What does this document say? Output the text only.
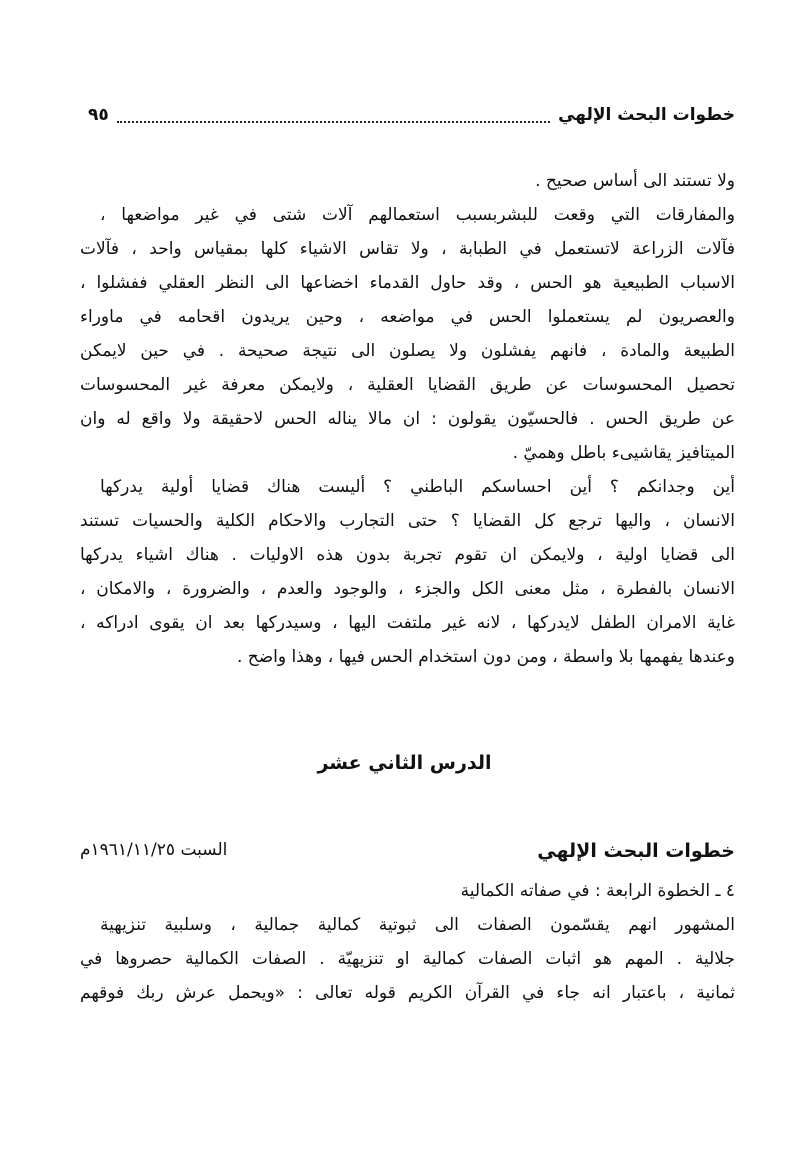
خطوات البحث الإلهي
٩٥
ولا تستند الى أساس صحيح .
والمفارقات التي وقعت للبشربسبب استعمالهم آلات شتى في غير مواضعها ،
فآلات الزراعة لاتستعمل في الطبابة ، ولا تقاس الاشياء كلها بمقياس واحد ، فآلات
الاسباب الطبيعية هو الحس ، وقد حاول القدماء اخضاعها الى النظر العقلي ففشلوا ،
والعصريون لم يستعملوا الحس في مواضعه ، وحين يريدون اقحامه في ماوراء
الطبيعة والمادة ، فانهم يفشلون ولا يصلون الى نتيجة صحيحة . في حين لايمكن
تحصيل المحسوسات عن طريق القضايا العقلية ، ولايمكن معرفة غير المحسوسات
عن طريق الحس . فالحسيّون يقولون : ان مالا يناله الحس لاحقيقة ولا واقع له وان
الميتافيز يقاشيىء باطل وهميّ .
أين وجدانكم ؟ أين احساسكم الباطني ؟ أليست هناك قضايا أولية يدركها
الانسان ، واليها ترجع كل القضايا ؟ حتى التجارب والاحكام الكلية والحسيات تستند
الى قضايا اولية ، ولايمكن ان تقوم تجربة بدون هذه الاوليات . هناك اشياء يدركها
الانسان بالفطرة ، مثل معنى الكل والجزء ، والوجود والعدم ، والضرورة ، والامكان ،
غاية الامران الطفل لايدركها ، لانه غير ملتفت اليها ، وسيدركها بعد ان يقوى ادراكه ،
وعندها يفهمها بلا واسطة ، ومن دون استخدام الحس فيها ، وهذا واضح .
الدرس الثاني عشر
خطوات البحث الإلهي
السبت ١٩٦١/١١/٢٥م
٤ ـ الخطوة الرابعة : في صفاته الكمالية
المشهور انهم يقسّمون الصفات الى ثبوتية كمالية جمالية ، وسلبية تنزيهية
جلالية . المهم هو اثبات الصفات كمالية او تنزيهيّة . الصفات الكمالية حصروها في
ثمانية ، باعتبار انه جاء في القرآن الكريم قوله تعالى : «ويحمل عرش ربك فوقهم
